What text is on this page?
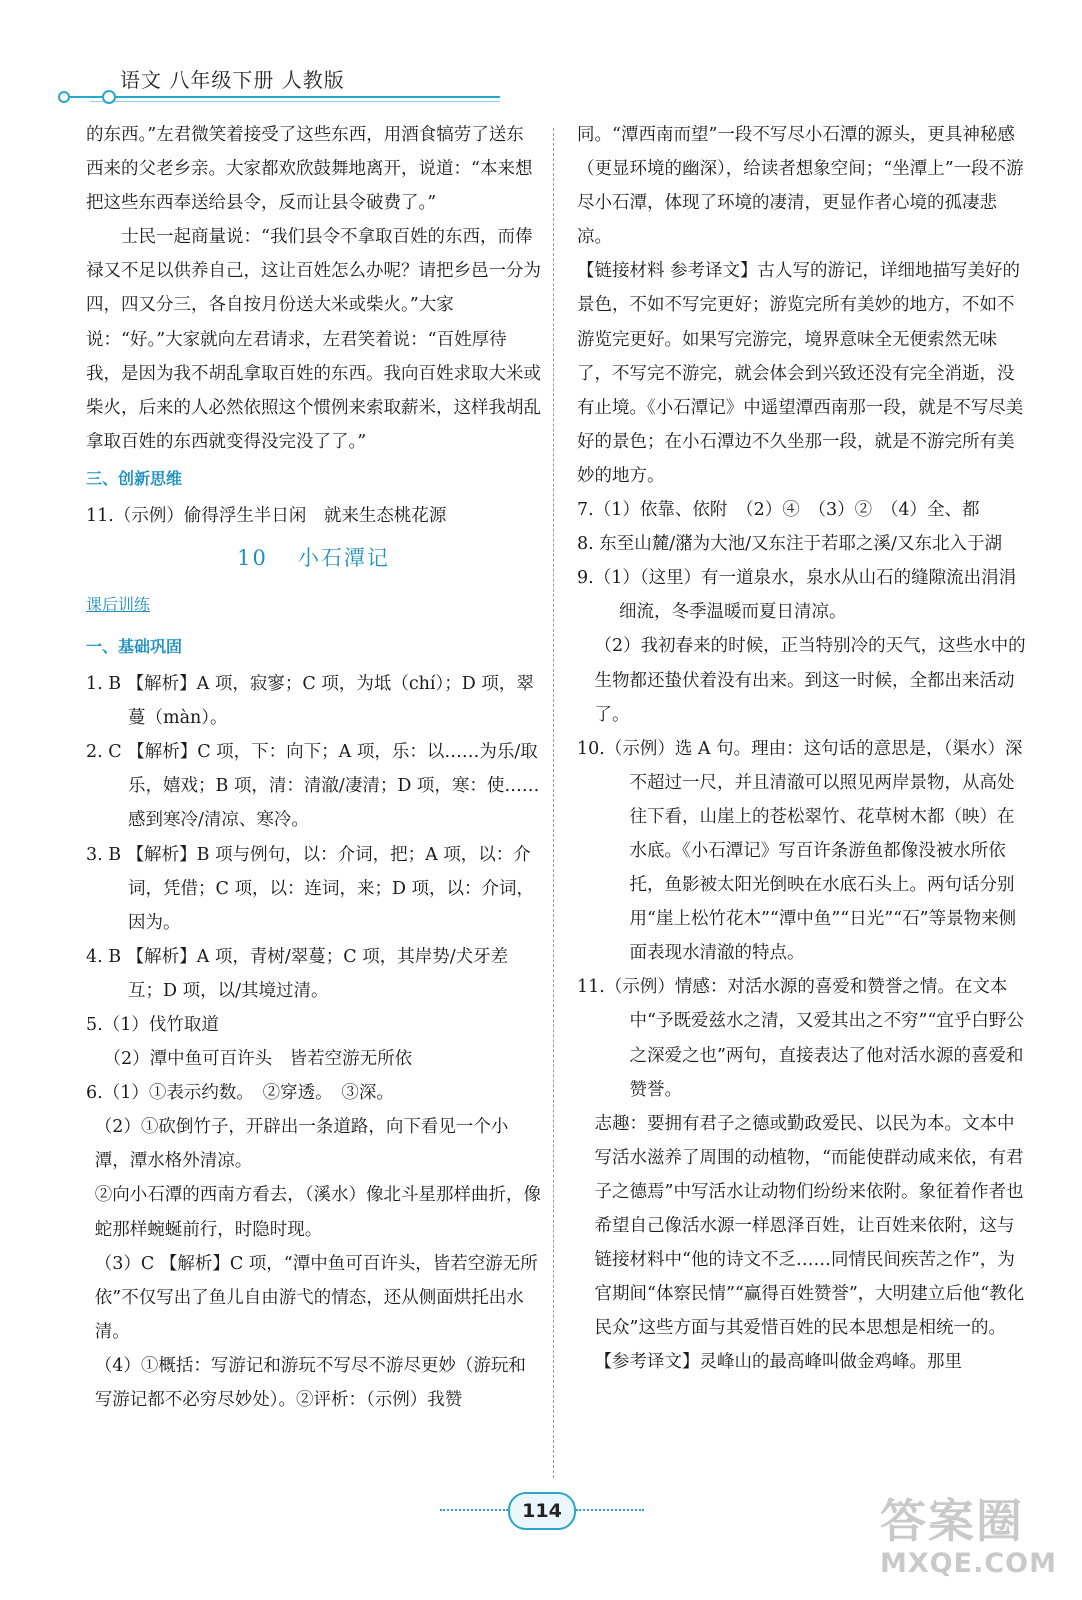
语文 八年级下册 人教版

的东西。”左君微笑着接受了这些东西，用酒食犒劳了送东西来的父老乡亲。大家都欢欣鼓舞地离开，说道：“本来想把这些东西奉送给县令，反而让县令破费了。”

士民一起商量说：“我们县令不拿取百姓的东西，而俸禄又不足以供养自己，这让百姓怎么办呢？请把乡邑一分为四，四又分三，各自按月份送大米或柴火。”大家说：“好。”大家就向左君请求，左君笑着说：“百姓厚待我，是因为我不胡乱拿取百姓的东西。我向百姓求取大米或柴火，后来的人必然依照这个惯例来索取薪米，这样我胡乱拿取百姓的东西就变得没完没了了。”

三、创新思维

11.（示例）偷得浮生半日闲　就来生态桃花源

10 小石潭记

课后训练

一、基础巩固

1. B 【解析】A 项，寂寥；C 项，为坻（chí）；D 项，翠蔓（màn）。

2. C 【解析】C 项，下：向下；A 项，乐：以……为乐/取乐，嬉戏；B 项，清：清澈/凄清；D 项，寒：使……感到寒冷/清凉、寒冷。

3. B 【解析】B 项与例句，以：介词，把；A 项，以：介词，凭借；C 项，以：连词，来；D 项，以：介词，因为。

4. B 【解析】A 项，青树/翠蔓；C 项，其岸势/犬牙差互；D 项，以/其境过清。

5.（1）伐竹取道

（2）潭中鱼可百许头　皆若空游无所依

6.（1）①表示约数。　②穿透。　③深。

（2）①砍倒竹子，开辟出一条道路，向下看见一个小潭，潭水格外清凉。

②向小石潭的西南方看去，（溪水）像北斗星那样曲折，像蛇那样蜿蜒前行，时隐时现。

（3）C 【解析】C 项，“潭中鱼可百许头，皆若空游无所依”不仅写出了鱼儿自由游弋的情态，还从侧面烘托出水清。

（4）①概括：写游记和游玩不写尽不游尽更妙（游玩和写游记都不必穷尽妙处）。②评析：（示例）我赞

同。“潭西南而望”一段不写尽小石潭的源头，更具神秘感（更显环境的幽深），给读者想象空间；“坐潭上”一段不游尽小石潭，体现了环境的凄清，更显作者心境的孤凄悲凉。

【链接材料 参考译文】古人写的游记，详细地描写美好的景色，不如不写完更好；游览完所有美妙的地方，不如不游览完更好。如果写完游完，境界意味全无便索然无味了，不写完不游完，就会体会到兴致还没有完全消逝，没有止境。《小石潭记》中遥望潭西南那一段，就是不写尽美好的景色；在小石潭边不久坐那一段，就是不游完所有美妙的地方。

7.（1）依靠、依附　（2）④　（3）②　（4）全、都

8. 东至山麓/潴为大池/又东注于若耶之溪/又东北入于湖

9.（1）（这里）有一道泉水，泉水从山石的缝隙流出涓涓细流，冬季温暖而夏日清凉。

（2）我初春来的时候，正当特别冷的天气，这些水中的生物都还蛰伏着没有出来。到这一时候，全都出来活动了。

10.（示例）选 A 句。理由：这句话的意思是，（渠水）深不超过一尺，并且清澈可以照见两岸景物，从高处往下看，山崖上的苍松翠竹、花草树木都（映）在水底。《小石潭记》写百许条游鱼都像没被水所依托，鱼影被太阳光倒映在水底石头上。两句话分别用“崖上松竹花木”“潭中鱼”“日光”“石”等景物来侧面表现水清澈的特点。

11.（示例）情感：对活水源的喜爱和赞誉之情。在文本中“予既爱兹水之清，又爱其出之不穷”“宜乎白野公之深爱之也”两句，直接表达了他对活水源的喜爱和赞誉。

志趣：要拥有君子之德或勤政爱民、以民为本。文本中写活水滋养了周围的动植物，“而能使群动咸来依，有君子之德焉”中写活水让动物们纷纷来依附。象征着作者也希望自己像活水源一样恩泽百姓，让百姓来依附，这与链接材料中“他的诗文不乏……同情民间疾苦之作”，为官期间“体察民情”“赢得百姓赞誉”，大明建立后他“教化民众”这些方面与其爱惜百姓的民本思想是相统一的。

【参考译文】灵峰山的最高峰叫做金鸡峰。那里

114	答案圈
MXQE.COM
